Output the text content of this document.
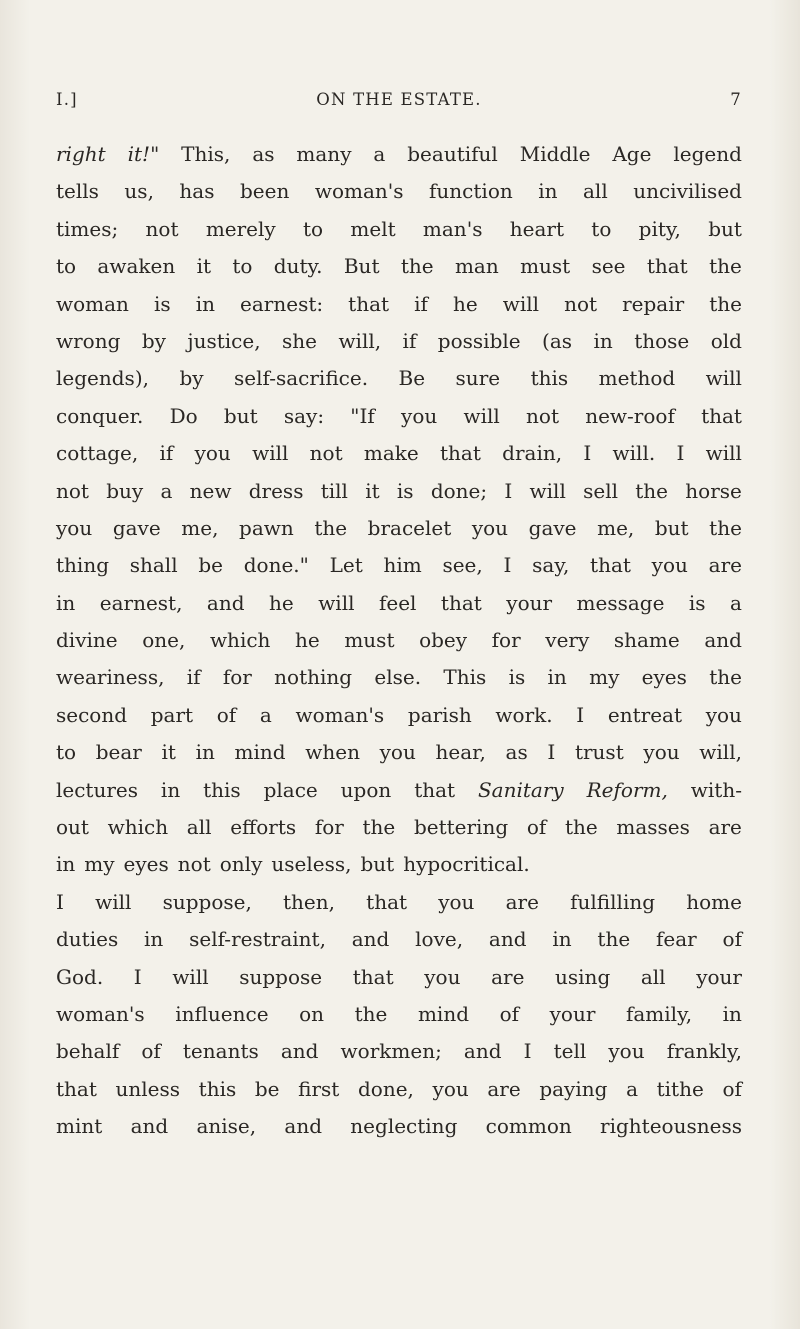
I.]	ON THE ESTATE.	7
right it!" This, as many a beautiful Middle Age legend
tells us, has been woman's function in all uncivilised
times; not merely to melt man's heart to pity, but
to awaken it to duty. But the man must see that the
woman is in earnest: that if he will not repair the
wrong by justice, she will, if possible (as in those old
legends), by self-sacrifice. Be sure this method will
conquer. Do but say: "If you will not new-roof that
cottage, if you will not make that drain, I will. I will
not buy a new dress till it is done; I will sell the horse
you gave me, pawn the bracelet you gave me, but the
thing shall be done." Let him see, I say, that you are
in earnest, and he will feel that your message is a
divine one, which he must obey for very shame and
weariness, if for nothing else. This is in my eyes the
second part of a woman's parish work. I entreat you
to bear it in mind when you hear, as I trust you will,
lectures in this place upon that Sanitary Reform, with-
out which all efforts for the bettering of the masses are
in my eyes not only useless, but hypocritical.
I will suppose, then, that you are fulfilling home
duties in self-restraint, and love, and in the fear of
God. I will suppose that you are using all your
woman's influence on the mind of your family, in
behalf of tenants and workmen; and I tell you frankly,
that unless this be first done, you are paying a tithe of
mint and anise, and neglecting common righteousness
